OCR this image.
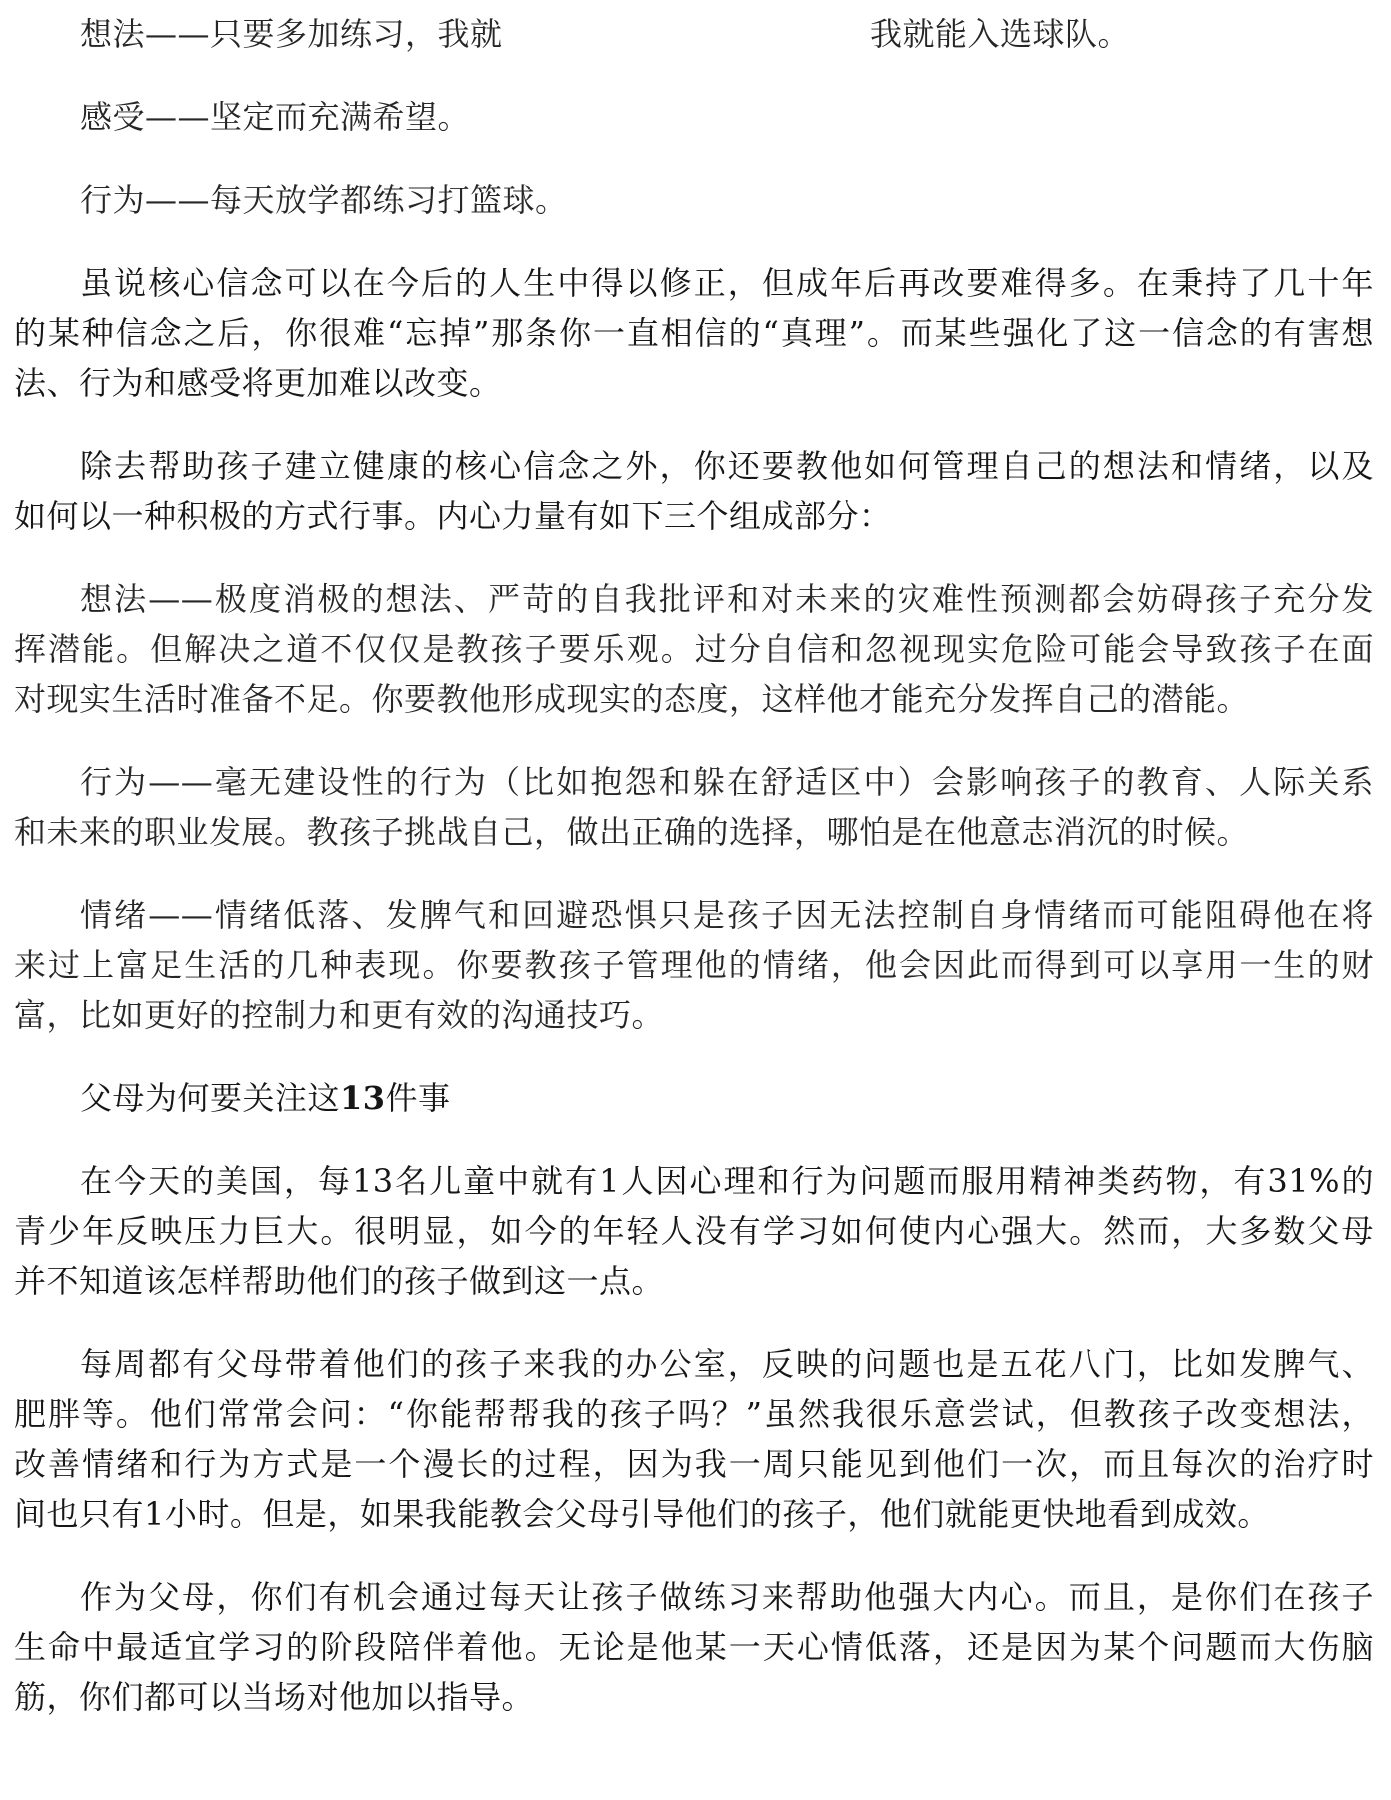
想法——只要多加练习，我就	我就能入选球队。
感受——坚定而充满希望。
行为——每天放学都练习打篮球。
虽说核心信念可以在今后的人生中得以修正，但成年后再改要难得多。在秉持了几十年
的某种信念之后，你很难“忘掉”那条你一直相信的“真理”。而某些强化了这一信念的有害想
法、行为和感受将更加难以改变。
除去帮助孩子建立健康的核心信念之外，你还要教他如何管理自己的想法和情绪，以及
如何以一种积极的方式行事。内心力量有如下三个组成部分：
想法——极度消极的想法、严苛的自我批评和对未来的灾难性预测都会妨碍孩子充分发
挥潜能。但解决之道不仅仅是教孩子要乐观。过分自信和忽视现实危险可能会导致孩子在面
对现实生活时准备不足。你要教他形成现实的态度，这样他才能充分发挥自己的潜能。
行为——毫无建设性的行为（比如抱怨和躲在舒适区中）会影响孩子的教育、人际关系
和未来的职业发展。教孩子挑战自己，做出正确的选择，哪怕是在他意志消沉的时候。
情绪——情绪低落、发脾气和回避恐惧只是孩子因无法控制自身情绪而可能阻碍他在将
来过上富足生活的几种表现。你要教孩子管理他的情绪，他会因此而得到可以享用一生的财
富，比如更好的控制力和更有效的沟通技巧。
父母为何要关注这13件事
在今天的美国，每13名儿童中就有1人因心理和行为问题而服用精神类药物，有31%的
青少年反映压力巨大。很明显，如今的年轻人没有学习如何使内心强大。然而，大多数父母
并不知道该怎样帮助他们的孩子做到这一点。
每周都有父母带着他们的孩子来我的办公室，反映的问题也是五花八门，比如发脾气、
肥胖等。他们常常会问：“你能帮帮我的孩子吗？”虽然我很乐意尝试，但教孩子改变想法，
改善情绪和行为方式是一个漫长的过程，因为我一周只能见到他们一次，而且每次的治疗时
间也只有1小时。但是，如果我能教会父母引导他们的孩子，他们就能更快地看到成效。
作为父母，你们有机会通过每天让孩子做练习来帮助他强大内心。而且，是你们在孩子
生命中最适宜学习的阶段陪伴着他。无论是他某一天心情低落，还是因为某个问题而大伤脑
筋，你们都可以当场对他加以指导。
